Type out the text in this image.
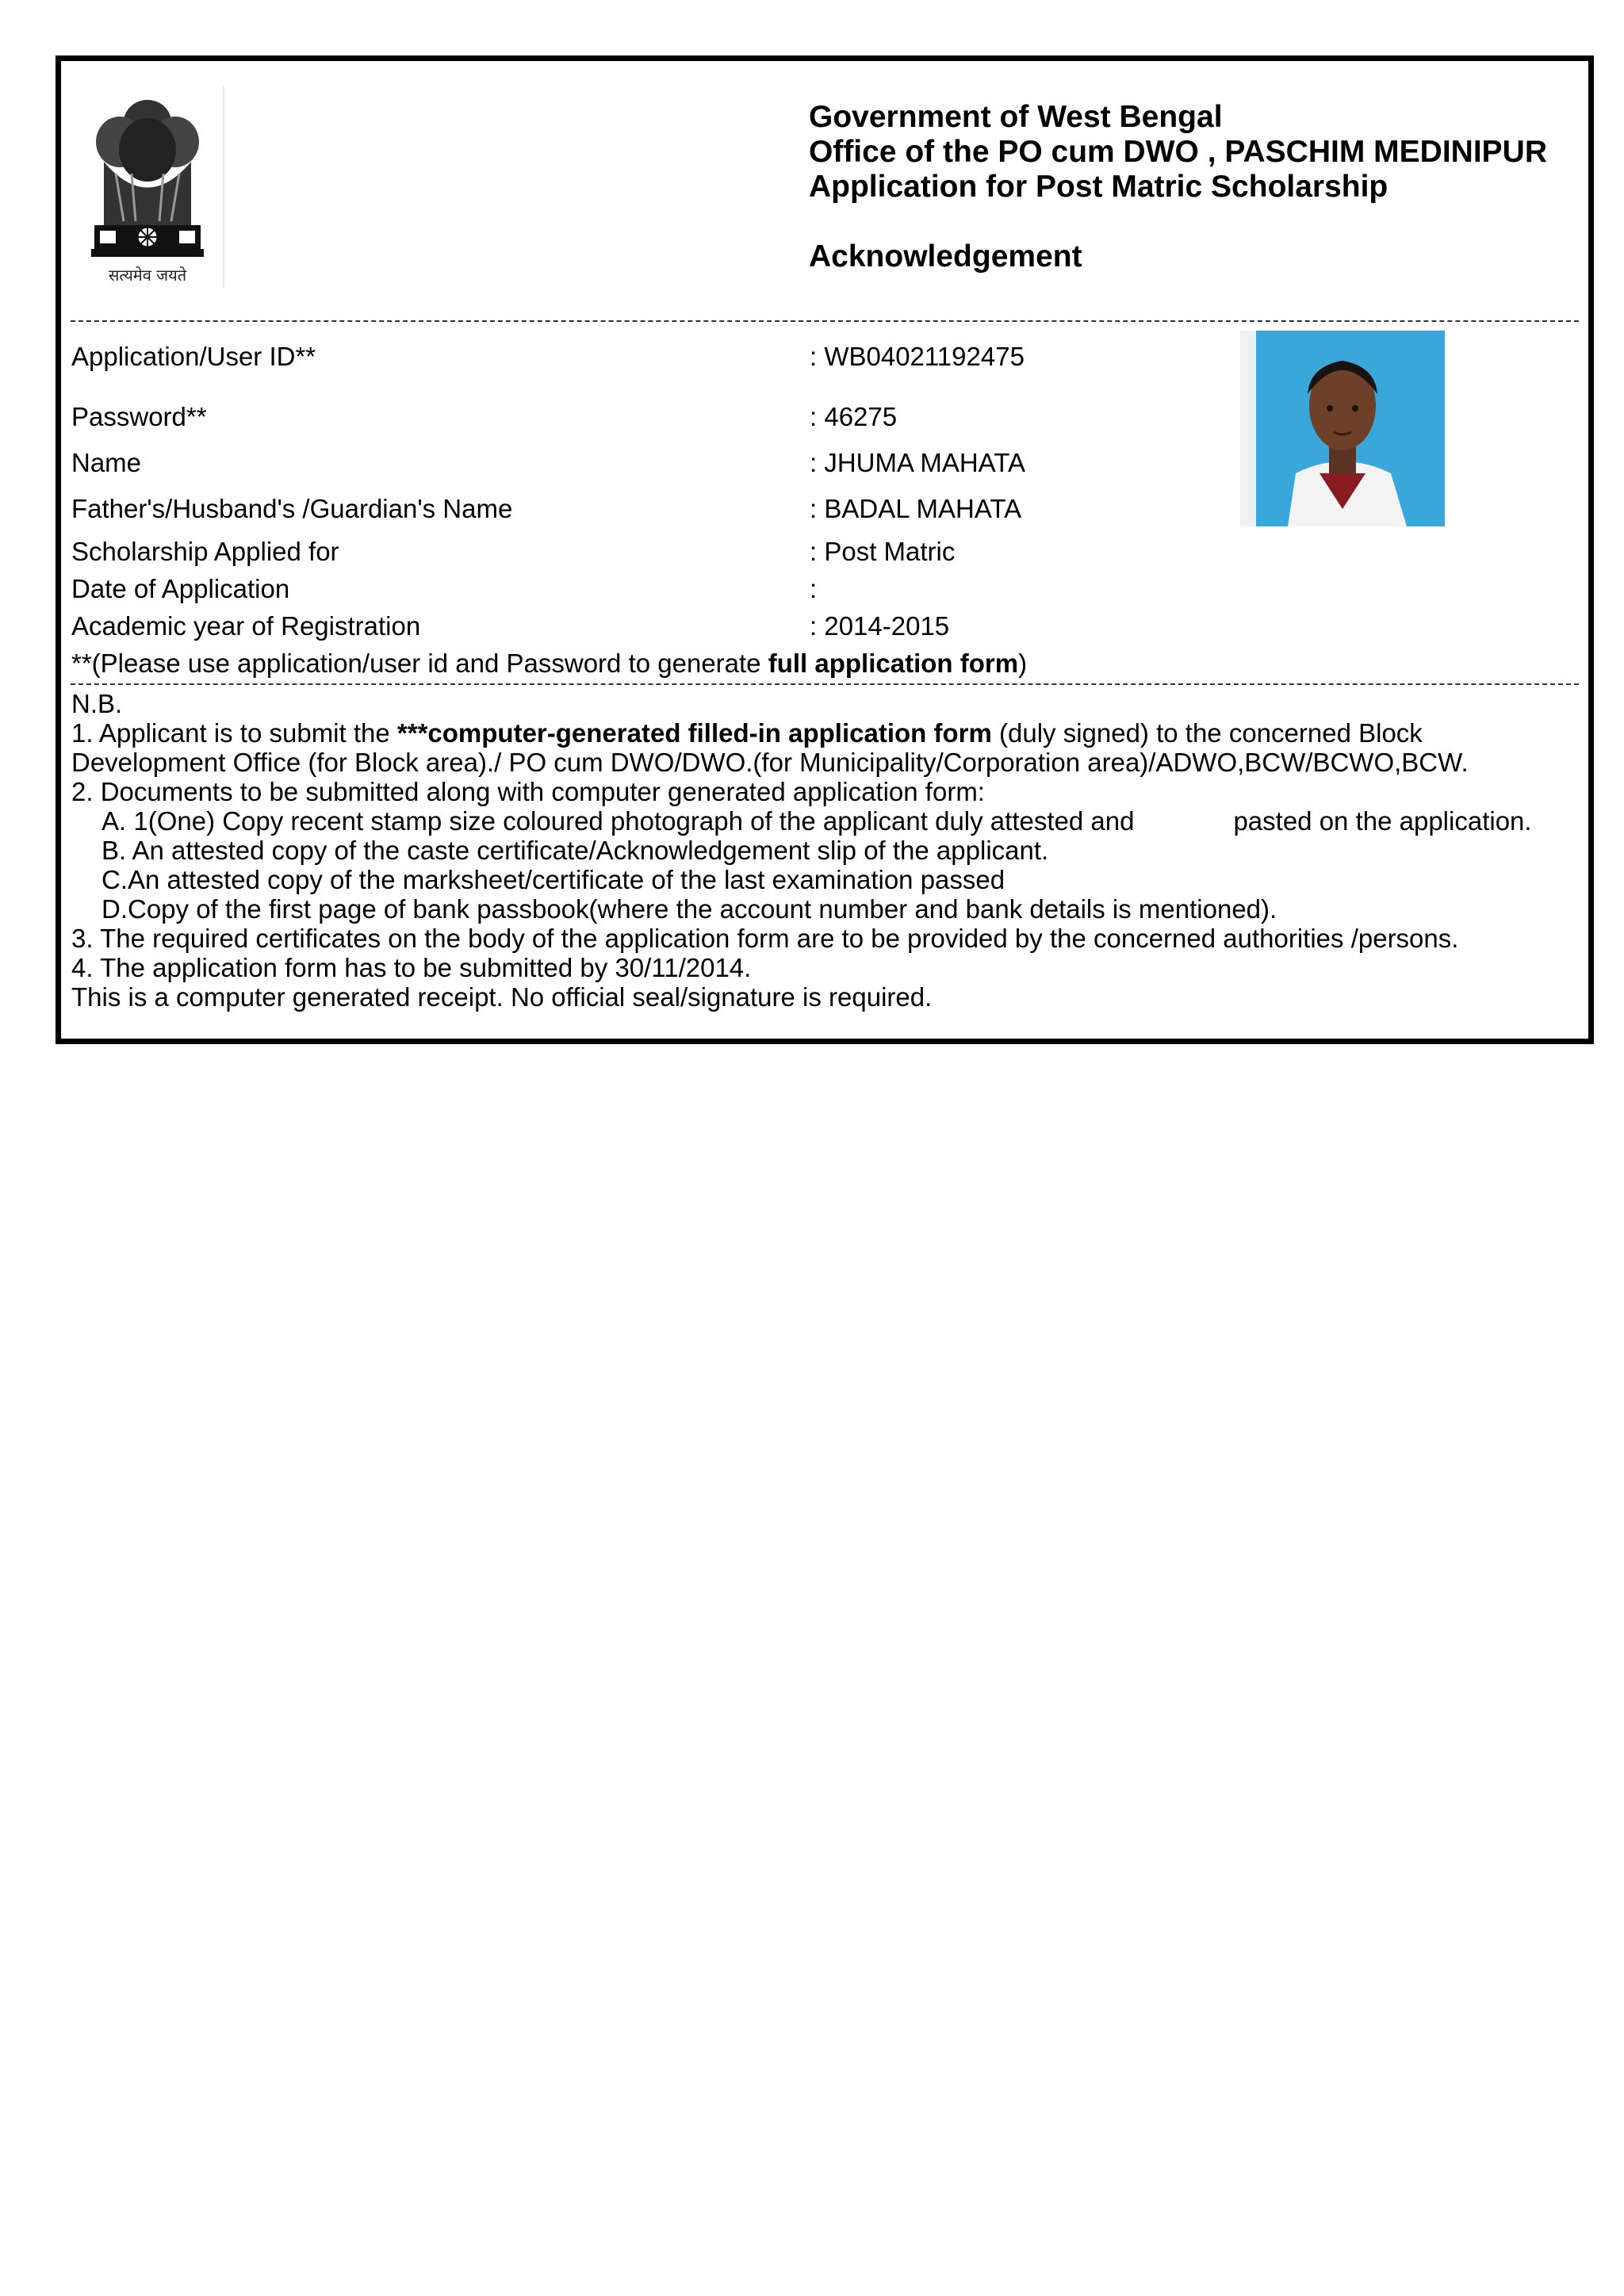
सत्यमेव जयते
Government of West Bengal
Office of the PO cum DWO , PASCHIM MEDINIPUR
Application for Post Matric Scholarship
Acknowledgement
Application/User ID**	: WB04021192475
Password**	: 46275
Name	: JHUMA MAHATA
Father's/Husband's /Guardian's Name	: BADAL MAHATA
Scholarship Applied for	: Post Matric
Date of Application	:
Academic year of Registration	: 2014-2015
**(Please use application/user id and Password to generate full application form)
N.B.
1. Applicant is to submit the ***computer-generated filled-in application form (duly signed) to the concerned Block
Development Office (for Block area)./ PO cum DWO/DWO.(for Municipality/Corporation area)/ADWO,BCW/BCWO,BCW.
2. Documents to be submitted along with computer generated application form:
A. 1(One) Copy recent stamp size coloured photograph of the applicant duly attested and	pasted on the application.
B. An attested copy of the caste certificate/Acknowledgement slip of the applicant.
C.An attested copy of the marksheet/certificate of the last examination passed
D.Copy of the first page of bank passbook(where the account number and bank details is mentioned).
3. The required certificates on the body of the application form are to be provided by the concerned authorities /persons.
4. The application form has to be submitted by 30/11/2014.
This is a computer generated receipt. No official seal/signature is required.
